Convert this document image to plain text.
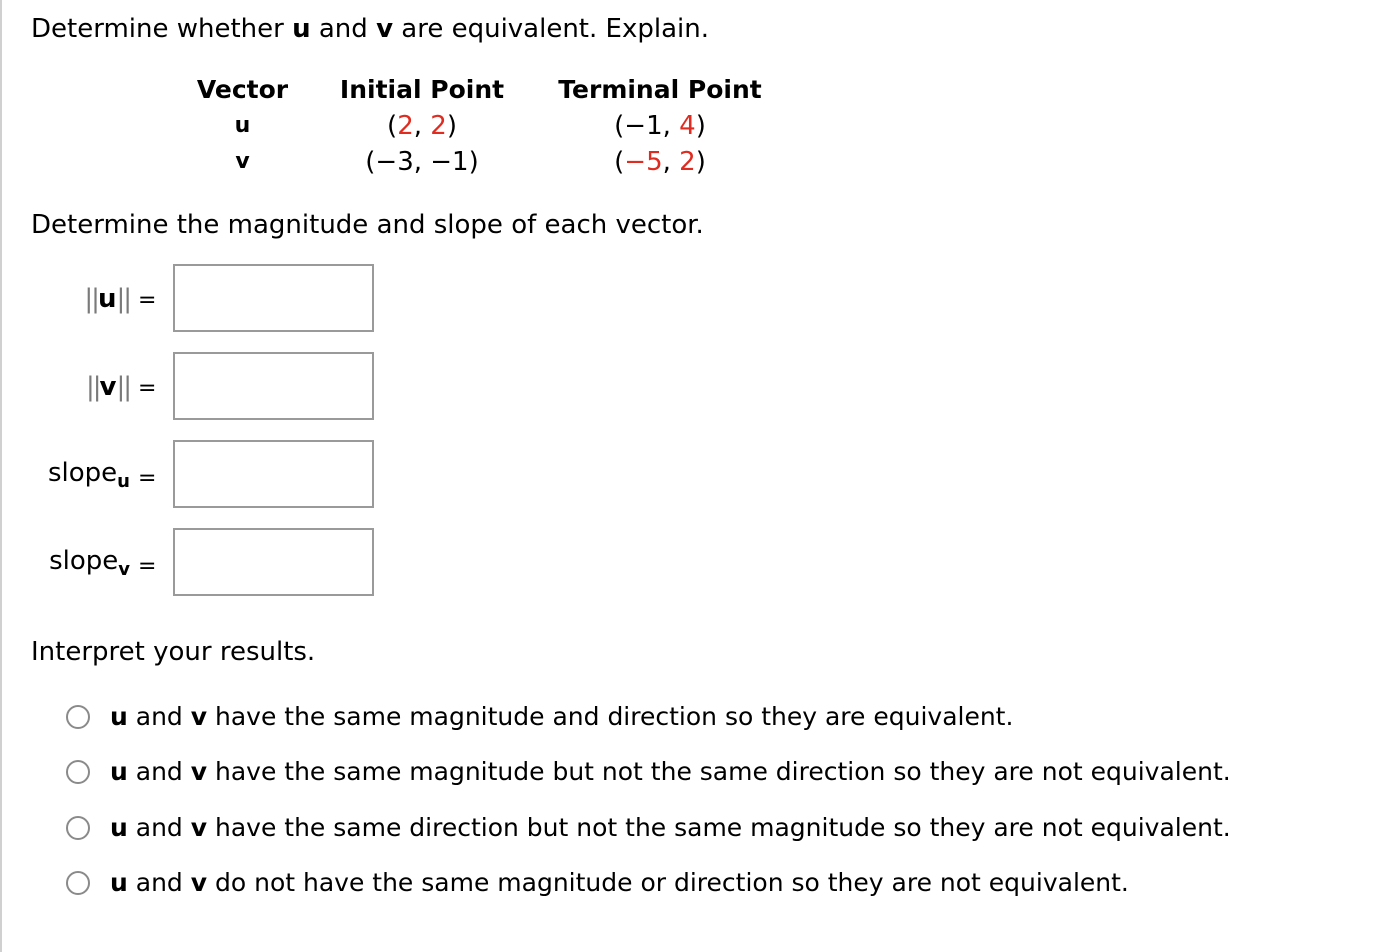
Determine whether u and v are equivalent. Explain.
Vector
u
v
Initial Point
(2, 2)
(−3, −1)
Terminal Point
(−1, 4)
(−5, 2)
Determine the magnitude and slope of each vector.
||u|| =
||v|| =
slope$_u$ =
slope$_v$ =
Interpret your results.
u and v have the same magnitude and direction so they are equivalent.
u and v have the same magnitude but not the same direction so they are not equivalent.
u and v have the same direction but not the same magnitude so they are not equivalent.
u and v do not have the same magnitude or direction so they are not equivalent.
